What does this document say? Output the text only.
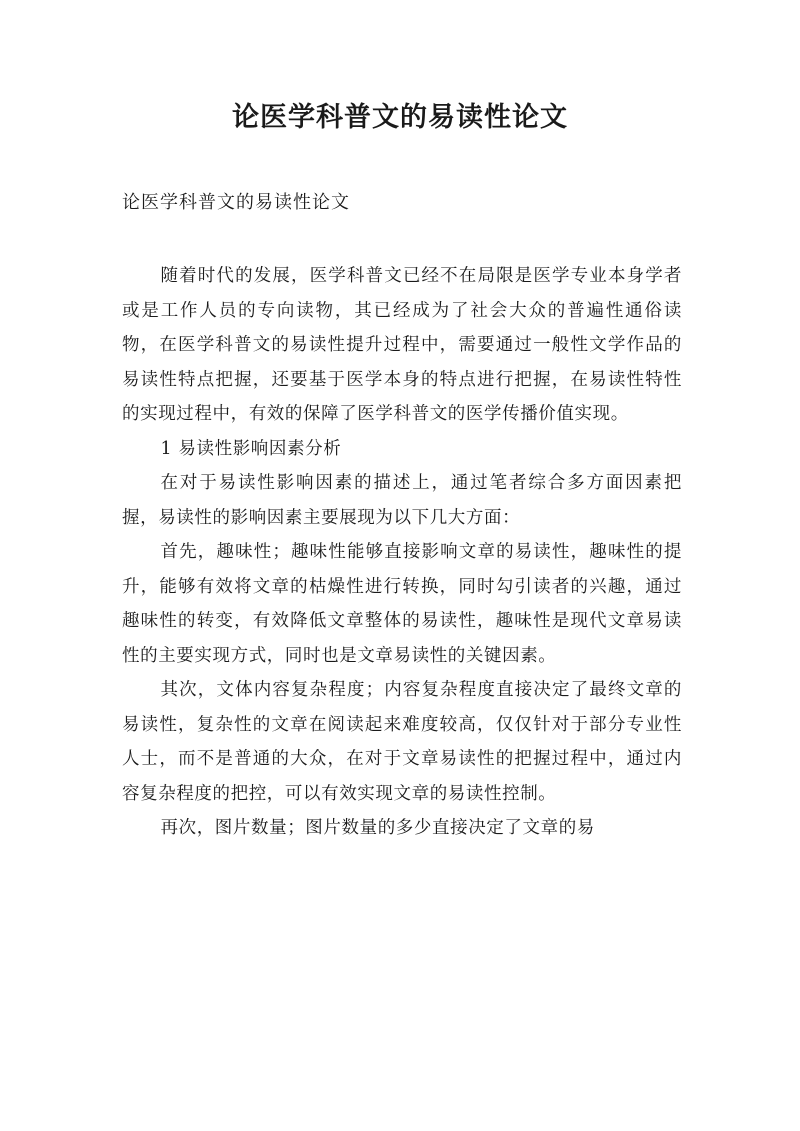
论医学科普文的易读性论文
论医学科普文的易读性论文

随着时代的发展，医学科普文已经不在局限是医学专业本身学者或是工作人员的专向读物，其已经成为了社会大众的普遍性通俗读物，在医学科普文的易读性提升过程中，需要通过一般性文学作品的易读性特点把握，还要基于医学本身的特点进行把握，在易读性特性的实现过程中，有效的保障了医学科普文的医学传播价值实现。

1 易读性影响因素分析

在对于易读性影响因素的描述上，通过笔者综合多方面因素把握，易读性的影响因素主要展现为以下几大方面：

首先，趣味性；趣味性能够直接影响文章的易读性，趣味性的提升，能够有效将文章的枯燥性进行转换，同时勾引读者的兴趣，通过趣味性的转变，有效降低文章整体的易读性，趣味性是现代文章易读性的主要实现方式，同时也是文章易读性的关键因素。

其次，文体内容复杂程度；内容复杂程度直接决定了最终文章的易读性，复杂性的文章在阅读起来难度较高，仅仅针对于部分专业性人士，而不是普通的大众，在对于文章易读性的把握过程中，通过内容复杂程度的把控，可以有效实现文章的易读性控制。

再次，图片数量；图片数量的多少直接决定了文章的易
